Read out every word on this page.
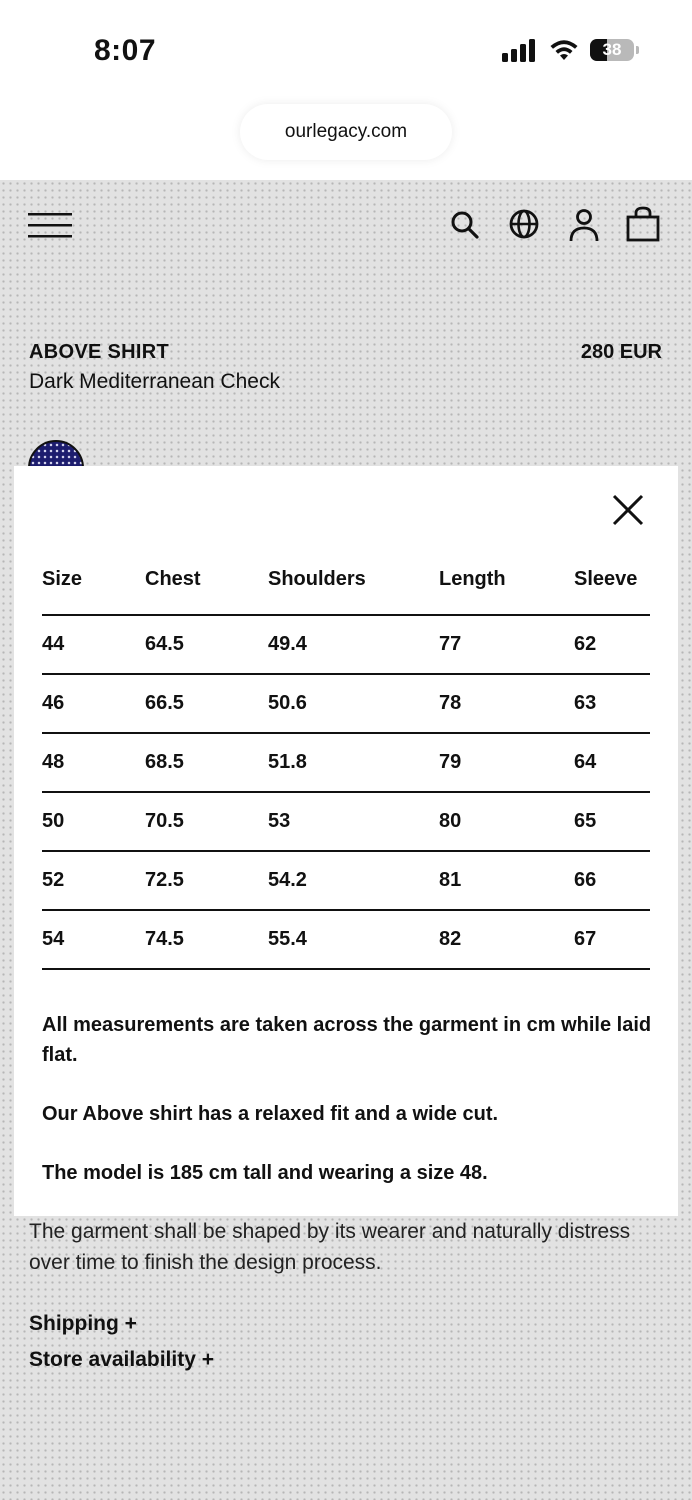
8:07	38
ourlegacy.com
ABOVE SHIRT	280 EUR
Dark Mediterranean Check
The garment shall be shaped by its wearer and naturally distress over time to finish the design process.
Shipping +
Store availability +
Size	Chest	Shoulders	Length	Sleeve
44	64.5	49.4	77	62
46	66.5	50.6	78	63
48	68.5	51.8	79	64
50	70.5	53	80	65
52	72.5	54.2	81	66
54	74.5	55.4	82	67

All measurements are taken across the garment in cm while laid flat.

Our Above shirt has a relaxed fit and a wide cut.

The model is 185 cm tall and wearing a size 48.
